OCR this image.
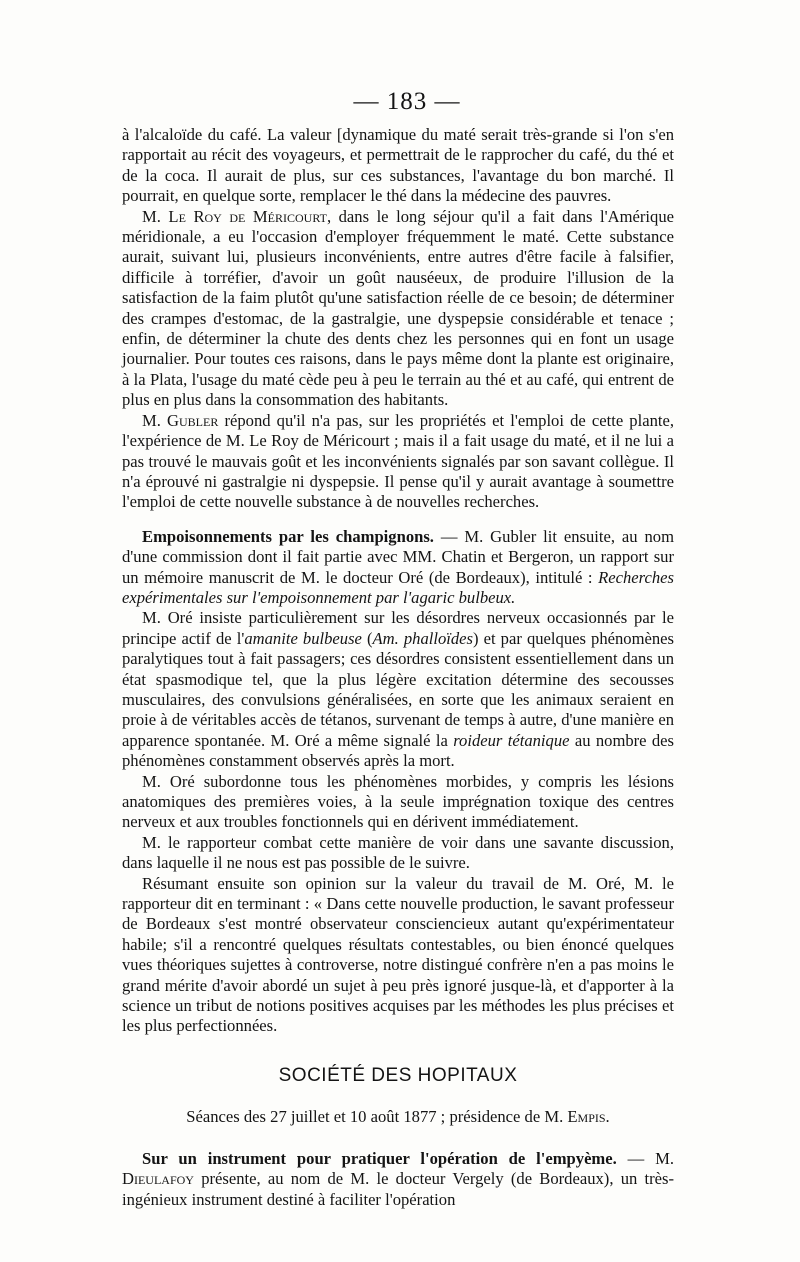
— 183 —

à l'alcaloïde du café. La valeur [dynamique du maté serait très-grande si l'on s'en rapportait au récit des voyageurs, et permettrait de le rapprocher du café, du thé et de la coca. Il aurait de plus, sur ces substances, l'avantage du bon marché. Il pourrait, en quelque sorte, remplacer le thé dans la médecine des pauvres.

M. Le Roy de Méricourt, dans le long séjour qu'il a fait dans l'Amérique méridionale, a eu l'occasion d'employer fréquemment le maté. Cette substance aurait, suivant lui, plusieurs inconvénients, entre autres d'être facile à falsifier, difficile à torréfier, d'avoir un goût nauséeux, de produire l'illusion de la satisfaction de la faim plutôt qu'une satisfaction réelle de ce besoin; de déterminer des crampes d'estomac, de la gastralgie, une dyspepsie considérable et tenace ; enfin, de déterminer la chute des dents chez les personnes qui en font un usage journalier. Pour toutes ces raisons, dans le pays même dont la plante est originaire, à la Plata, l'usage du maté cède peu à peu le terrain au thé et au café, qui entrent de plus en plus dans la consommation des habitants.

M. Gubler répond qu'il n'a pas, sur les propriétés et l'emploi de cette plante, l'expérience de M. Le Roy de Méricourt ; mais il a fait usage du maté, et il ne lui a pas trouvé le mauvais goût et les inconvénients signalés par son savant collègue. Il n'a éprouvé ni gastralgie ni dyspepsie. Il pense qu'il y aurait avantage à soumettre l'emploi de cette nouvelle substance à de nouvelles recherches.

Empoisonnements par les champignons. — M. Gubler lit ensuite, au nom d'une commission dont il fait partie avec MM. Chatin et Bergeron, un rapport sur un mémoire manuscrit de M. le docteur Oré (de Bordeaux), intitulé : Recherches expérimentales sur l'empoisonnement par l'agaric bulbeux.

M. Oré insiste particulièrement sur les désordres nerveux occasionnés par le principe actif de l'amanite bulbeuse (Am. phalloïdes) et par quelques phénomènes paralytiques tout à fait passagers; ces désordres consistent essentiellement dans un état spasmodique tel, que la plus légère excitation détermine des secousses musculaires, des convulsions généralisées, en sorte que les animaux seraient en proie à de véritables accès de tétanos, survenant de temps à autre, d'une manière en apparence spontanée. M. Oré a même signalé la roideur tétanique au nombre des phénomènes constamment observés après la mort.

M. Oré subordonne tous les phénomènes morbides, y compris les lésions anatomiques des premières voies, à la seule imprégnation toxique des centres nerveux et aux troubles fonctionnels qui en dérivent immédiatement.

M. le rapporteur combat cette manière de voir dans une savante discussion, dans laquelle il ne nous est pas possible de le suivre.

Résumant ensuite son opinion sur la valeur du travail de M. Oré, M. le rapporteur dit en terminant : « Dans cette nouvelle production, le savant professeur de Bordeaux s'est montré observateur consciencieux autant qu'expérimentateur habile; s'il a rencontré quelques résultats contestables, ou bien énoncé quelques vues théoriques sujettes à controverse, notre distingué confrère n'en a pas moins le grand mérite d'avoir abordé un sujet à peu près ignoré jusque-là, et d'apporter à la science un tribut de notions positives acquises par les méthodes les plus précises et les plus perfectionnées.

SOCIÉTÉ DES HOPITAUX
Séances des 27 juillet et 10 août 1877 ; présidence de M. Empis.

Sur un instrument pour pratiquer l'opération de l'empyème. — M. Dieulafoy présente, au nom de M. le docteur Vergely (de Bordeaux), un très-ingénieux instrument destiné à faciliter l'opération
